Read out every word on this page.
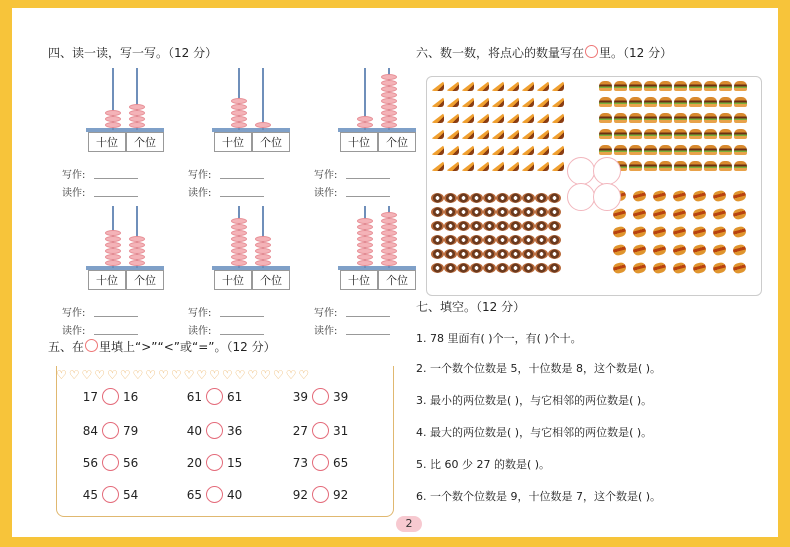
四、读一读，写一写。（12 分）
十位	个位
写作:
读作:
十位	个位
写作:
读作:
十位	个位
写作:
读作:
十位	个位
写作:
读作:
十位	个位
写作:
读作:
十位	个位
写作:
读作:
五、在 里填上“>”“<”或“=”。（12 分）
♡♡♡♡♡♡♡♡♡♡♡♡♡♡♡♡♡♡♡♡
17 16	61 61	39 39
84 79	40 36	27 31
56 56	20 15	73 65
45 54	65 40	92 92
六、数一数，将点心的数量写在 里。（12 分）
七、填空。（12 分）
1. 78 里面有( )个一，有( )个十。
2. 一个数个位数是 5，十位数是 8，这个数是( )。
3. 最小的两位数是( )，与它相邻的两位数是( )。
4. 最大的两位数是( )，与它相邻的两位数是( )。
5. 比 60 少 27 的数是( )。
6. 一个数个位数是 9，十位数是 7，这个数是( )。
2
